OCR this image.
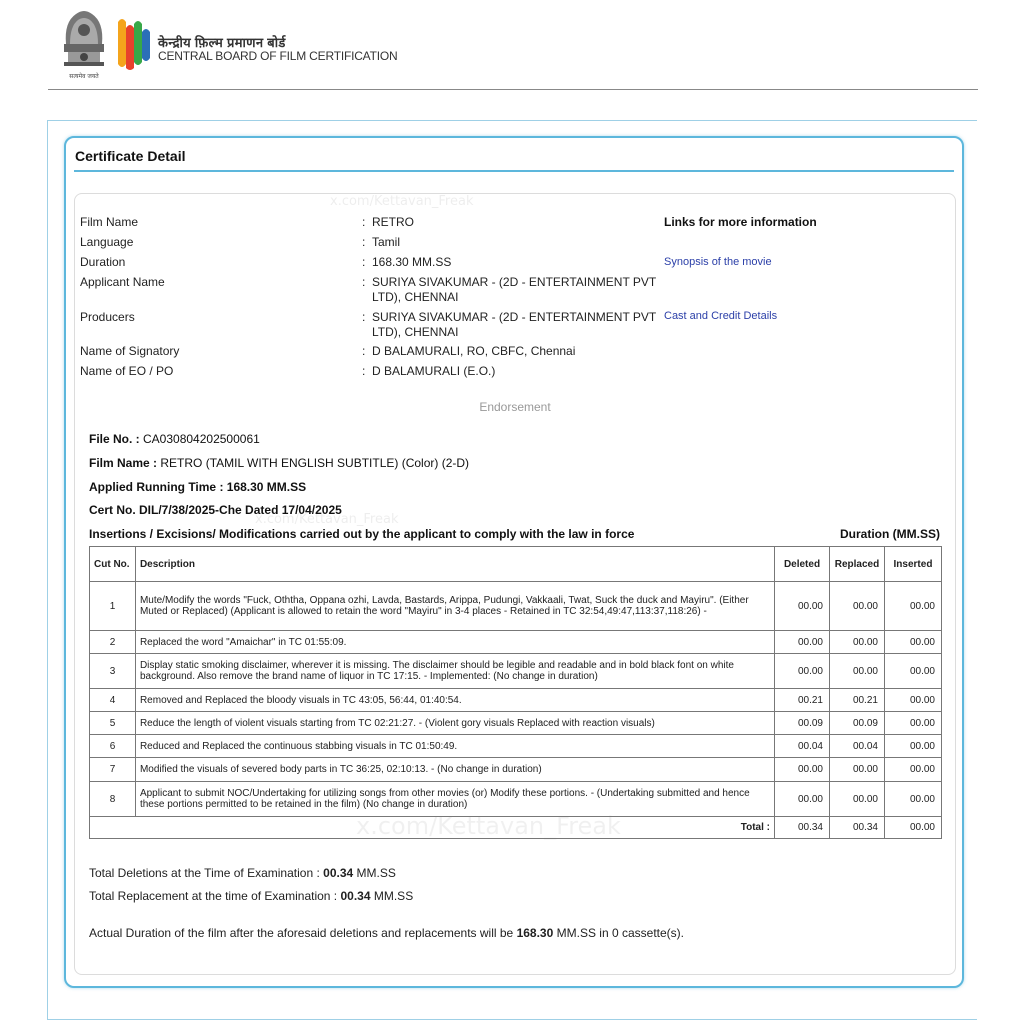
सत्यमेव जयते
केन्द्रीय फ़िल्म प्रमाणन बोर्ड
CENTRAL BOARD OF FILM CERTIFICATION
Certificate Detail
x.com/Kettavan_Freak
x.com/Kettavan_Freak
x.com/Kettavan_Freak
Film Name	: RETRO
Language	: Tamil
Duration	: 168.30 MM.SS
Applicant Name	: SURIYA SIVAKUMAR - (2D - ENTERTAINMENT PVT LTD), CHENNAI
Producers	: SURIYA SIVAKUMAR - (2D - ENTERTAINMENT PVT LTD), CHENNAI
Name of Signatory	: D BALAMURALI, RO, CBFC, Chennai
Name of EO / PO	: D BALAMURALI (E.O.)
Links for more information
Synopsis of the movie
Cast and Credit Details
Endorsement
File No. : CA030804202500061
Film Name : RETRO (TAMIL WITH ENGLISH SUBTITLE) (Color) (2-D)
Applied Running Time : 168.30 MM.SS
Cert No. DIL/7/38/2025-Che Dated 17/04/2025
Insertions / Excisions/ Modifications carried out by the applicant to comply with the law in force	Duration (MM.SS)
Cut No.	Description	Deleted	Replaced	Inserted
1	Mute/Modify the words "Fuck, Oththa, Oppana ozhi, Lavda, Bastards, Arippa, Pudungi, Vakkaali, Twat, Suck the duck and Mayiru". (Either Muted or Replaced) (Applicant is allowed to retain the word "Mayiru" in 3-4 places - Retained in TC 32:54,49:47,113:37,118:26) -	00.00	00.00	00.00
2	Replaced the word "Amaichar" in TC 01:55:09.	00.00	00.00	00.00
3	Display static smoking disclaimer, wherever it is missing. The disclaimer should be legible and readable and in bold black font on white background. Also remove the brand name of liquor in TC 17:15. - Implemented: (No change in duration)	00.00	00.00	00.00
4	Removed and Replaced the bloody visuals in TC 43:05, 56:44, 01:40:54.	00.21	00.21	00.00
5	Reduce the length of violent visuals starting from TC 02:21:27. - (Violent gory visuals Replaced with reaction visuals)	00.09	00.09	00.00
6	Reduced and Replaced the continuous stabbing visuals in TC 01:50:49.	00.04	00.04	00.00
7	Modified the visuals of severed body parts in TC 36:25, 02:10:13. - (No change in duration)	00.00	00.00	00.00
8	Applicant to submit NOC/Undertaking for utilizing songs from other movies (or) Modify these portions. - (Undertaking submitted and hence these portions permitted to be retained in the film) (No change in duration)	00.00	00.00	00.00
Total :		00.34	00.34	00.00
Total Deletions at the Time of Examination : 00.34 MM.SS
Total Replacement at the time of Examination : 00.34 MM.SS
Actual Duration of the film after the aforesaid deletions and replacements will be 168.30 MM.SS in 0 cassette(s).
